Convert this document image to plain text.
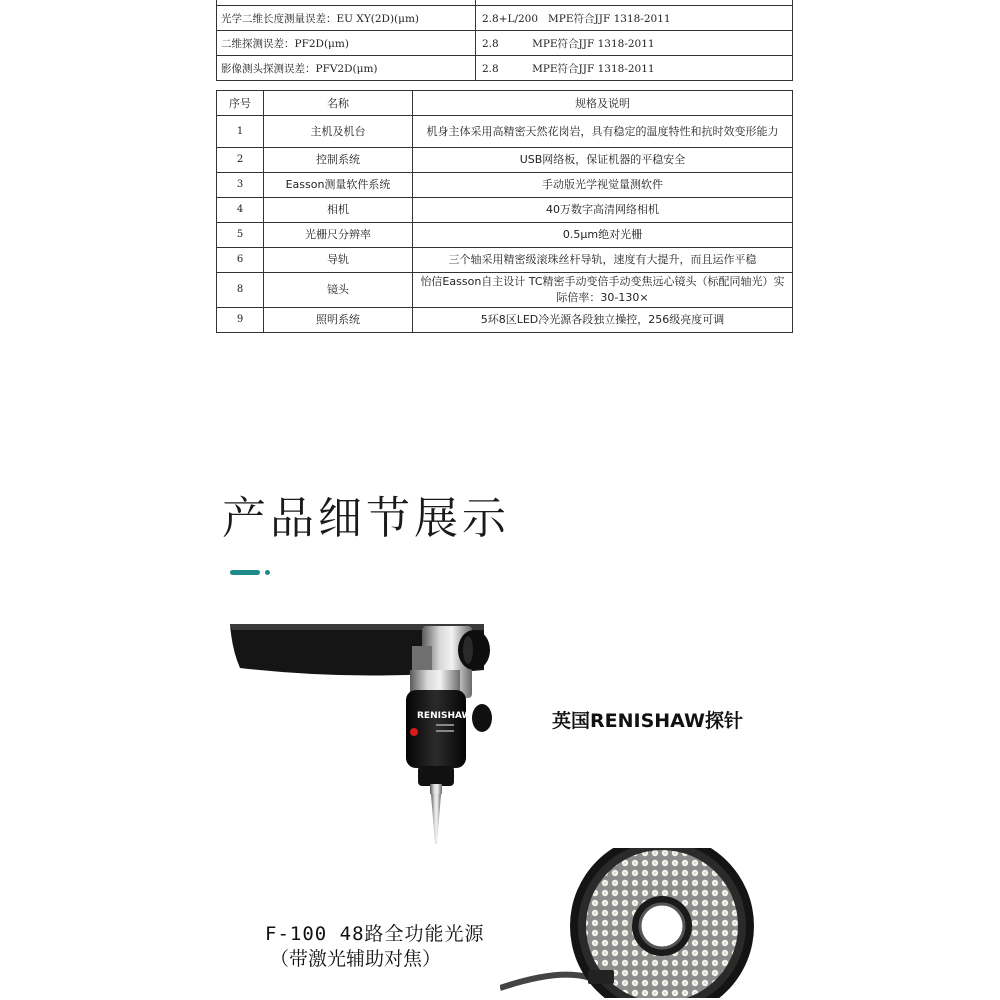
光学二维长度测量误差：EU XY(2D)(μm)	2.8+L/200   MPE符合JJF 1318-2011
二维探测误差：PF2D(μm)	2.8          MPE符合JJF 1318-2011
影像测头探测误差：PFV2D(μm)	2.8          MPE符合JJF 1318-2011
序号	名称	规格及说明
1	主机及机台	机身主体采用高精密天然花岗岩，具有稳定的温度特性和抗时效变形能力
2	控制系统	USB网络板，保证机器的平稳安全
3	Easson测量软件系统	手动版光学视觉量测软件
4	相机	40万数字高清网络相机
5	光栅尺分辨率	0.5μm绝对光栅
6	导轨	三个轴采用精密级滚珠丝杆导轨，速度有大提升，而且运作平稳
8	镜头	怡信Easson自主设计 TC精密手动变倍手动变焦远心镜头（标配同轴光）实际倍率：30-130×
9	照明系统	5环8区LED冷光源各段独立操控，256级亮度可调
产品细节展示
RENISHAW	英国RENISHAW探针
F-100 48路全功能光源
（带激光辅助对焦）
